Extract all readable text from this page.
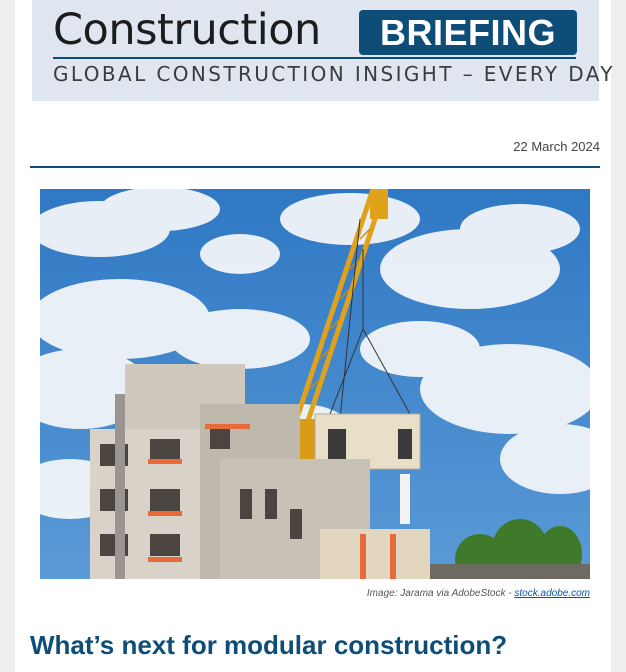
Construction	BRIEFING
GLOBAL CONSTRUCTION INSIGHT – EVERY DAY
22 March 2024
Image: Jarama via AdobeStock - stock.adobe.com
What’s next for modular construction?
